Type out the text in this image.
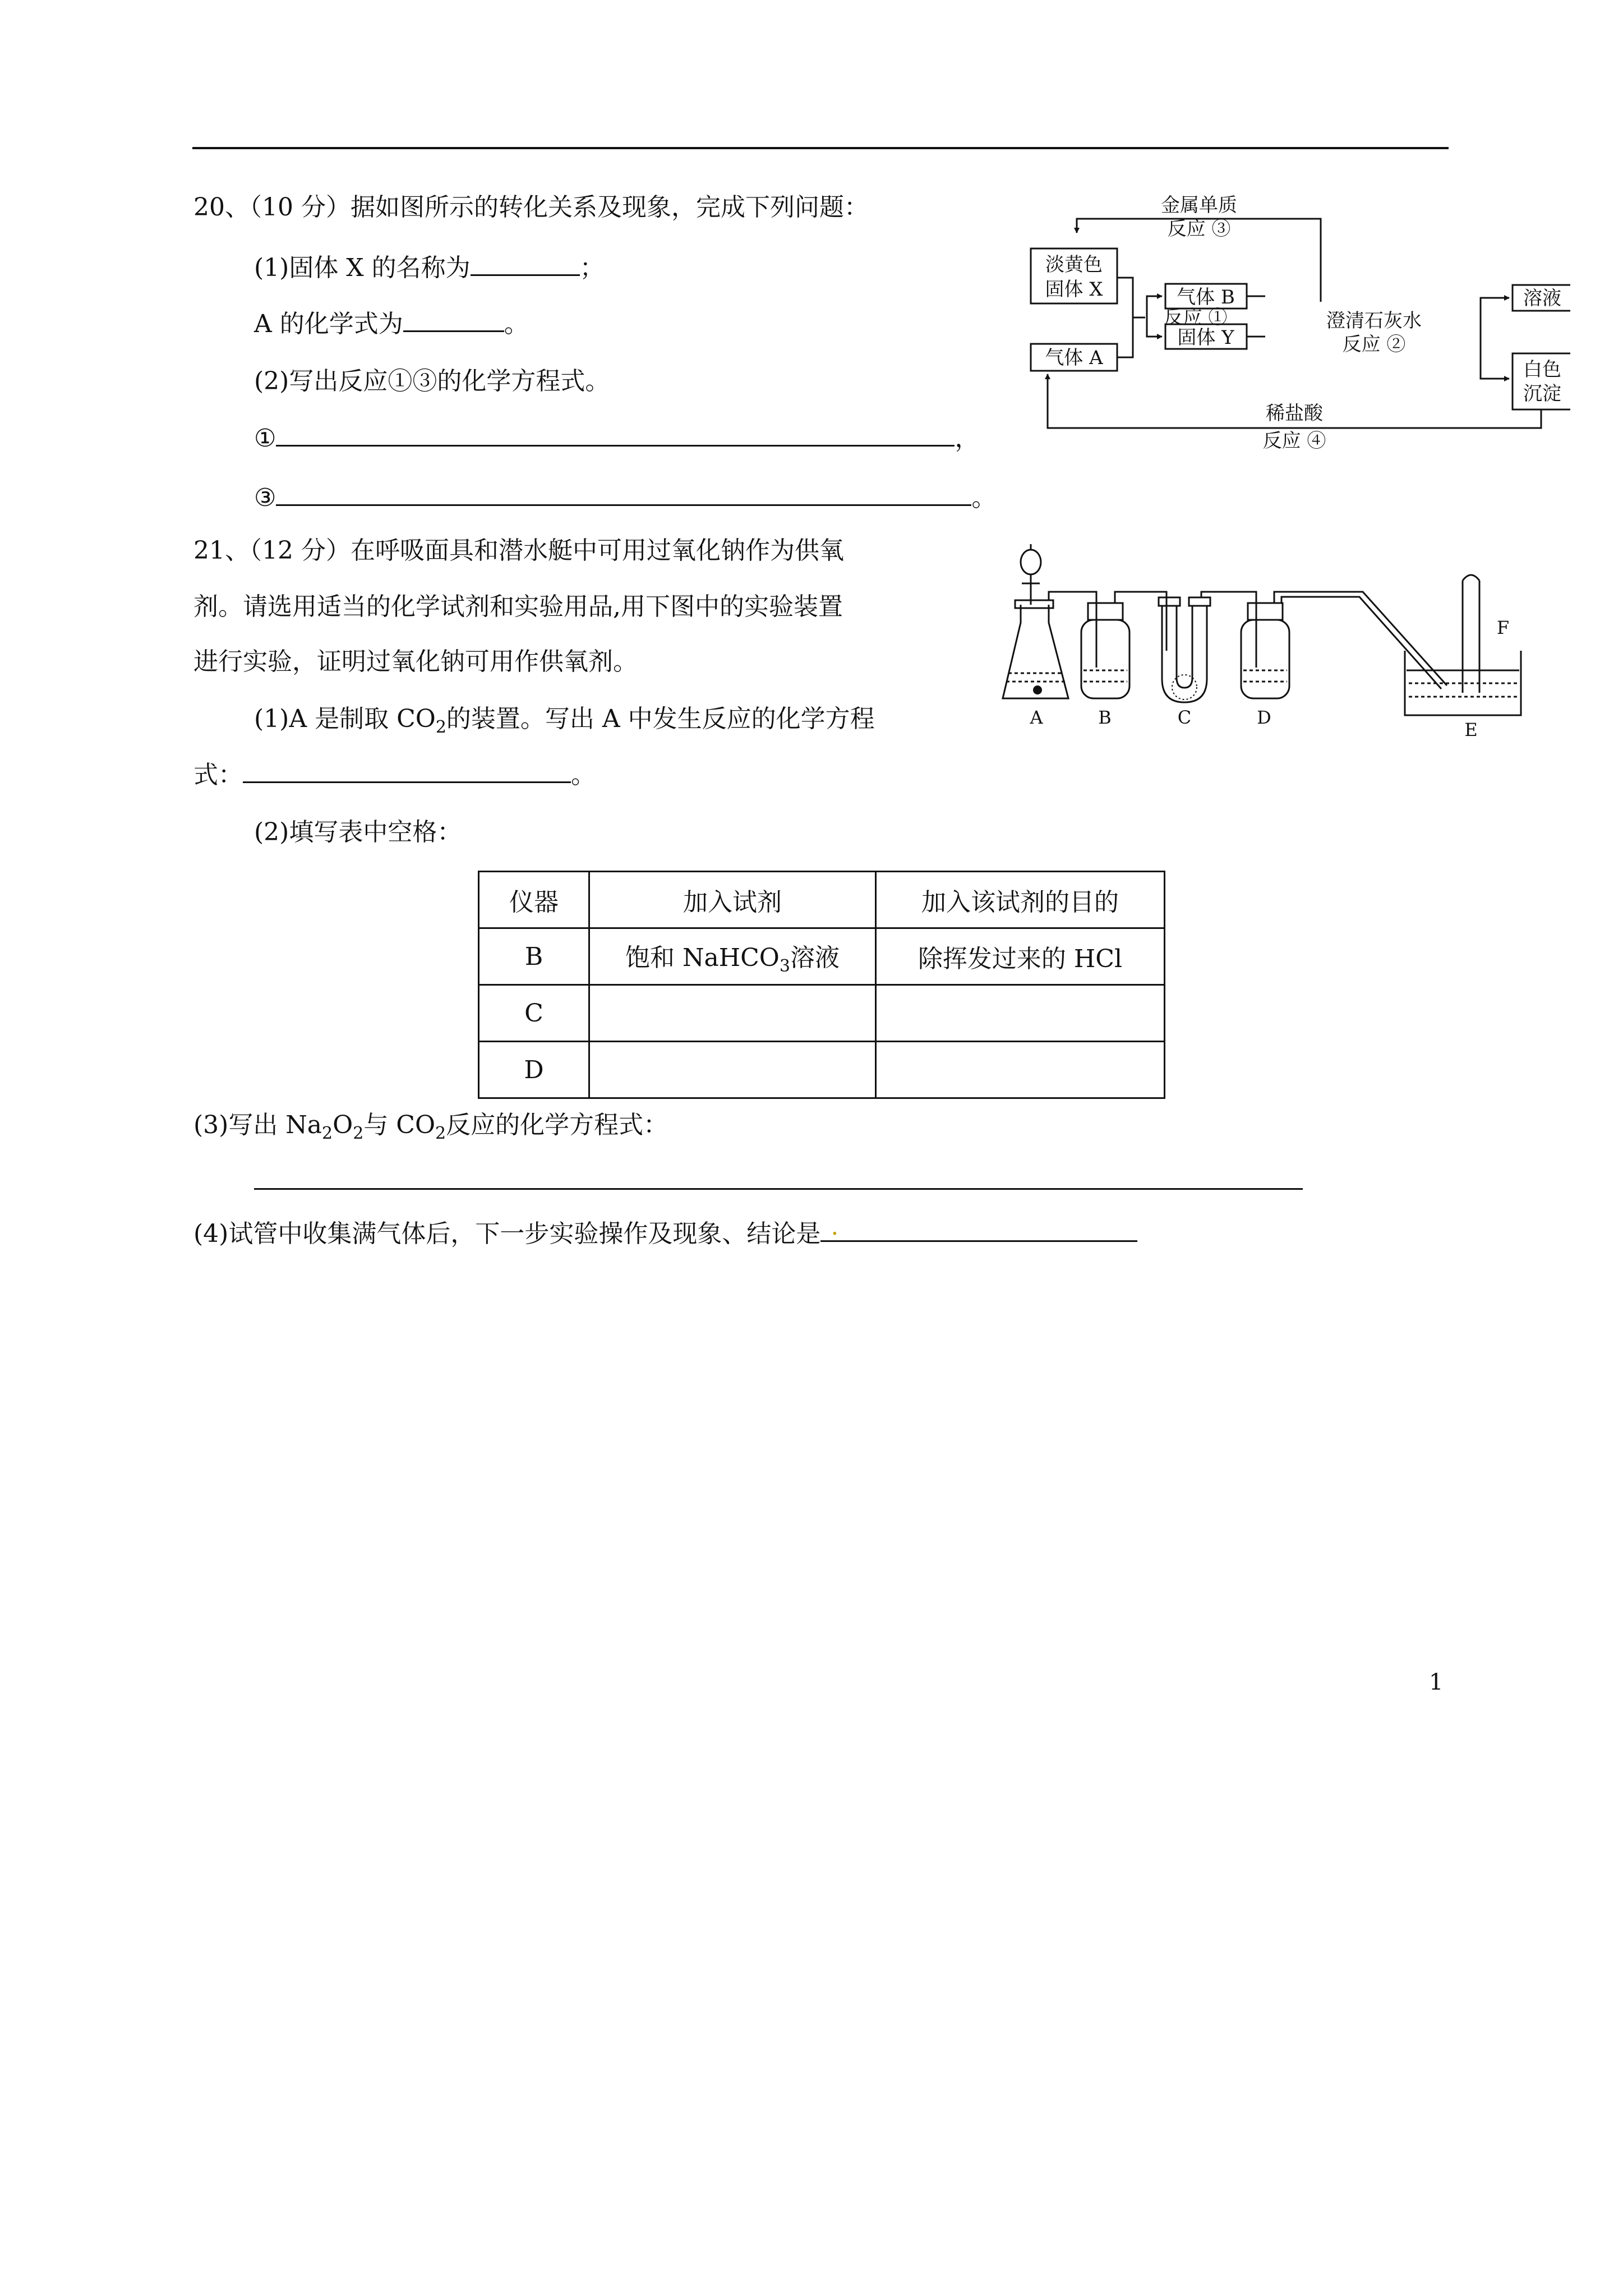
20、（10 分）据如图所示的转化关系及现象，完成下列问题：
(1)固体 X 的名称为	；
A 的化学式为	。
(2)写出反应①③的化学方程式。
①	，
③	。
金属单质
反应 ③
淡黄色
固体 X
气体 A
反应 ①
气体 B
固体 Y
澄清石灰水
反应 ②
溶液
白色
沉淀
稀盐酸
反应 ④
21、（12 分）在呼吸面具和潜水艇中可用过氧化钠作为供氧
剂。请选用适当的化学试剂和实验用品,用下图中的实验装置
进行实验，证明过氧化钠可用作供氧剂。
(1)A 是制取 $CO_2$的装置。写出 A 中发生反应的化学方程
式：	。
(2)填写表中空格：
A	B	C	D
E
F
仪器	加入试剂	加入该试剂的目的
B	饱和 NaHCO$_3$溶液	除挥发过来的 HCl
C		
D		
(3)写出 $Na_2O_2$与 $CO_2$反应的化学方程式：
(4)试管中收集满气体后，下一步实验操作及现象、结论是 .
1
